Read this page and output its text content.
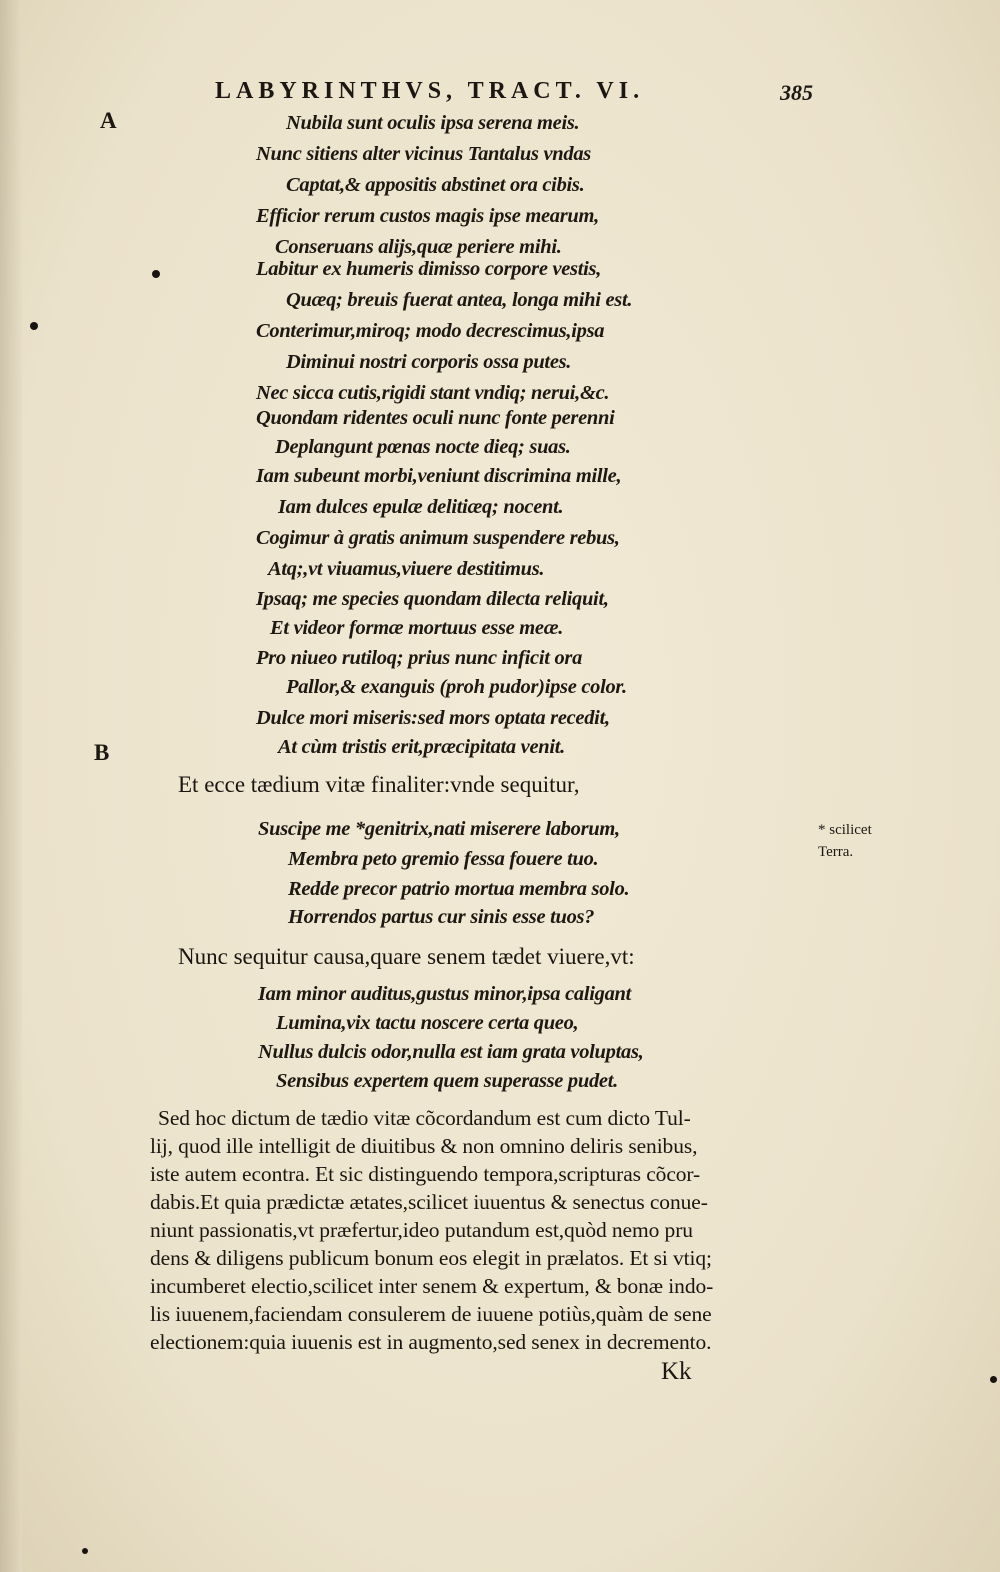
LABYRINTHVS, TRACT. VI.	385
A
B

Nubila sunt oculis ipsa serena meis.

Nunc sitiens alter vicinus Tantalus vndas

Captat,& appositis abstinet ora cibis.

Efficior rerum custos magis ipse mearum,

Conseruans alijs,quæ periere mihi.

Labitur ex humeris dimisso corpore vestis,

Quæq; breuis fuerat antea, longa mihi est.

Conterimur,miroq; modo decrescimus,ipsa

Diminui nostri corporis ossa putes.

Nec sicca cutis,rigidi stant vndiq; nerui,&c.

Quondam ridentes oculi nunc fonte perenni

Deplangunt pœnas nocte dieq; suas.

Iam subeunt morbi,veniunt discrimina mille,

Iam dulces epulæ delitiæq; nocent.

Cogimur à gratis animum suspendere rebus,

Atq;,vt viuamus,viuere destitimus.

Ipsaq; me species quondam dilecta reliquit,

Et videor formæ mortuus esse meæ.

Pro niueo rutiloq; prius nunc inficit ora

Pallor,& exanguis (proh pudor)ipse color.

Dulce mori miseris:sed mors optata recedit,

At cùm tristis erit,præcipitata venit.

Et ecce tædium vitæ finaliter:vnde sequitur,

Suscipe me *genitrix,nati miserere laborum,

Membra peto gremio fessa fouere tuo.

Redde precor patrio mortua membra solo.

Horrendos partus cur sinis esse tuos?

* scilicet
Terra.

Nunc sequitur causa,quare senem tædet viuere,vt:

Iam minor auditus,gustus minor,ipsa caligant

Lumina,vix tactu noscere certa queo,

Nullus dulcis odor,nulla est iam grata voluptas,

Sensibus expertem quem superasse pudet.

Sed hoc dictum de tædio vitæ cõcordandum est cum dicto Tul-

lij, quod ille intelligit de diuitibus & non omnino deliris senibus,

iste autem econtra. Et sic distinguendo tempora,scripturas cõcor-

dabis.Et quia prædictæ ætates,scilicet iuuentus & senectus conue-

niunt passionatis,vt præfertur,ideo putandum est,quòd nemo pru

dens & diligens publicum bonum eos elegit in prælatos. Et si vtiq;

incumberet electio,scilicet inter senem & expertum, & bonæ indo-

lis iuuenem,faciendam consulerem de iuuene potiùs,quàm de sene

electionem:quia iuuenis est in augmento,sed senex in decremento.

Kk
